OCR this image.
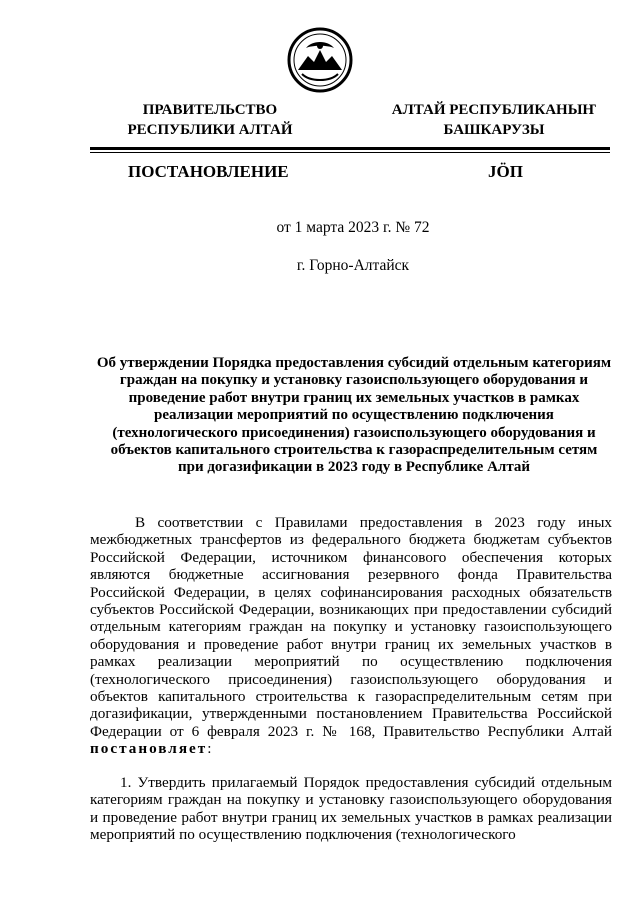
ПРАВИТЕЛЬСТВО
РЕСПУБЛИКИ АЛТАЙ
АЛТАЙ РЕСПУБЛИКАНЫҤ
БАШКАРУЗЫ
ПОСТАНОВЛЕНИЕ	JÖП
от 1 марта 2023 г. № 72
г. Горно-Алтайск
Об утверждении Порядка предоставления субсидий отдельным категориям граждан на покупку и установку газоиспользующего оборудования и проведение работ внутри границ их земельных участков в рамках реализации мероприятий по осуществлению подключения (технологического присоединения) газоиспользующего оборудования и объектов капитального строительства к газораспределительным сетям при догазификации в 2023 году в Республике Алтай
В соответствии с Правилами предоставления в 2023 году иных межбюджетных трансфертов из федерального бюджета бюджетам субъектов Российской Федерации, источником финансового обеспечения которых являются бюджетные ассигнования резервного фонда Правительства Российской Федерации, в целях софинансирования расходных обязательств субъектов Российской Федерации, возникающих при предоставлении субсидий отдельным категориям граждан на покупку и установку газоиспользующего оборудования и проведение работ внутри границ их земельных участков в рамках реализации мероприятий по осуществлению подключения (технологического присоединения) газоиспользующего оборудования и объектов капитального строительства к газораспределительным сетям при догазификации, утвержденными постановлением Правительства Российской Федерации от 6 февраля 2023 г. № 168, Правительство Республики Алтай постановляет:
1. Утвердить прилагаемый Порядок предоставления субсидий отдельным категориям граждан на покупку и установку газоиспользующего оборудования и проведение работ внутри границ их земельных участков в рамках реализации мероприятий по осуществлению подключения (технологического
